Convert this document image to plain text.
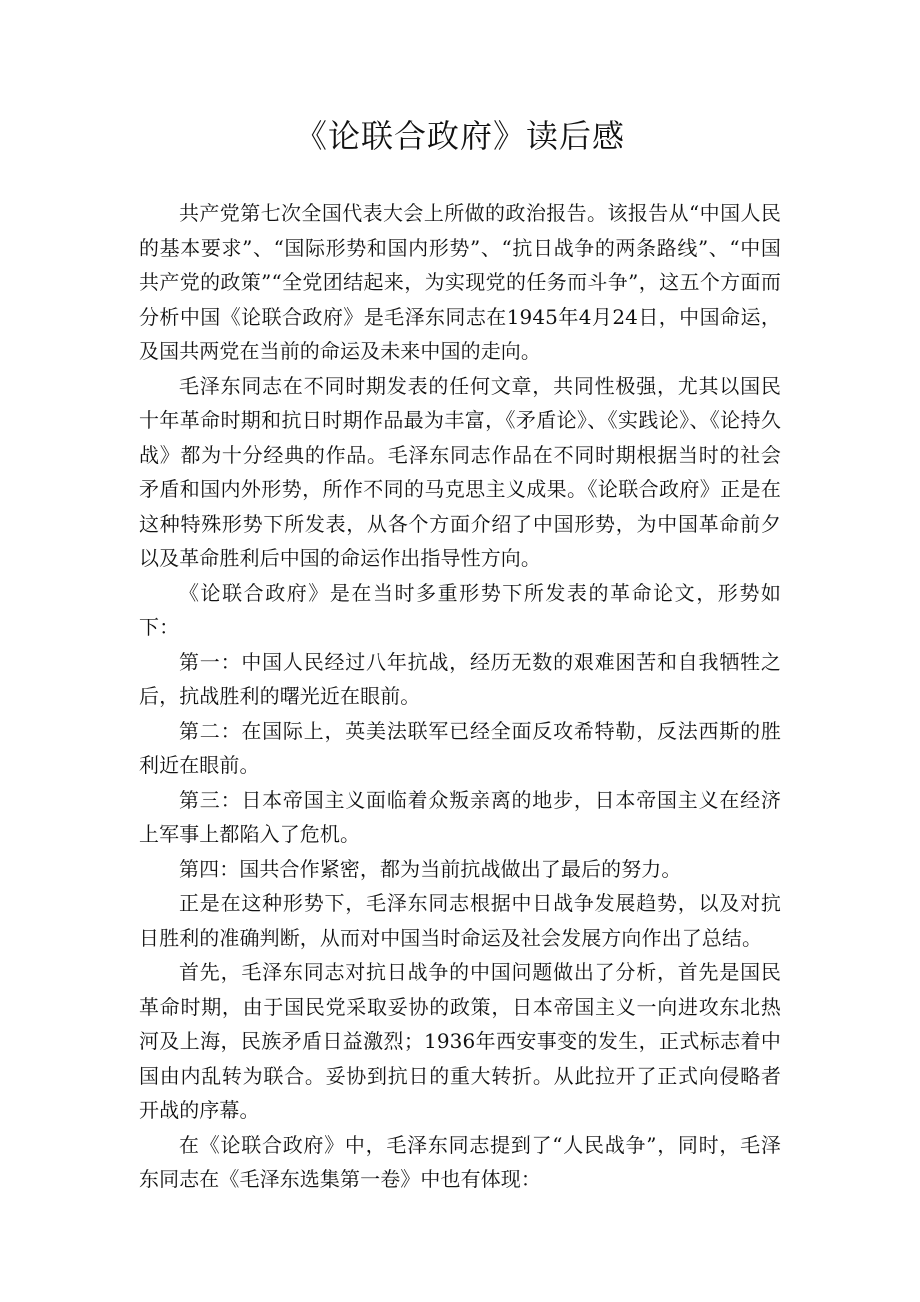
《论联合政府》读后感

共产党第七次全国代表大会上所做的政治报告。该报告从“中国人民的基本要求”、“国际形势和国内形势”、“抗日战争的两条路线”、“中国共产党的政策”“全党团结起来，为实现党的任务而斗争”，这五个方面而分析中国《论联合政府》是毛泽东同志在1945年4月24日，中国命运，及国共两党在当前的命运及未来中国的走向。

毛泽东同志在不同时期发表的任何文章，共同性极强，尤其以国民十年革命时期和抗日时期作品最为丰富，《矛盾论》、《实践论》、《论持久战》都为十分经典的作品。毛泽东同志作品在不同时期根据当时的社会矛盾和国内外形势，所作不同的马克思主义成果。《论联合政府》正是在这种特殊形势下所发表，从各个方面介绍了中国形势，为中国革命前夕以及革命胜利后中国的命运作出指导性方向。

《论联合政府》是在当时多重形势下所发表的革命论文，形势如下：

第一：中国人民经过八年抗战，经历无数的艰难困苦和自我牺牲之后，抗战胜利的曙光近在眼前。

第二：在国际上，英美法联军已经全面反攻希特勒，反法西斯的胜利近在眼前。

第三：日本帝国主义面临着众叛亲离的地步，日本帝国主义在经济上军事上都陷入了危机。

第四：国共合作紧密，都为当前抗战做出了最后的努力。

正是在这种形势下，毛泽东同志根据中日战争发展趋势，以及对抗日胜利的准确判断，从而对中国当时命运及社会发展方向作出了总结。

首先，毛泽东同志对抗日战争的中国问题做出了分析，首先是国民革命时期，由于国民党采取妥协的政策，日本帝国主义一向进攻东北热河及上海，民族矛盾日益激烈；1936年西安事变的发生，正式标志着中国由内乱转为联合。妥协到抗日的重大转折。从此拉开了正式向侵略者开战的序幕。

在《论联合政府》中，毛泽东同志提到了“人民战争”，同时，毛泽东同志在《毛泽东选集第一卷》中也有体现：
